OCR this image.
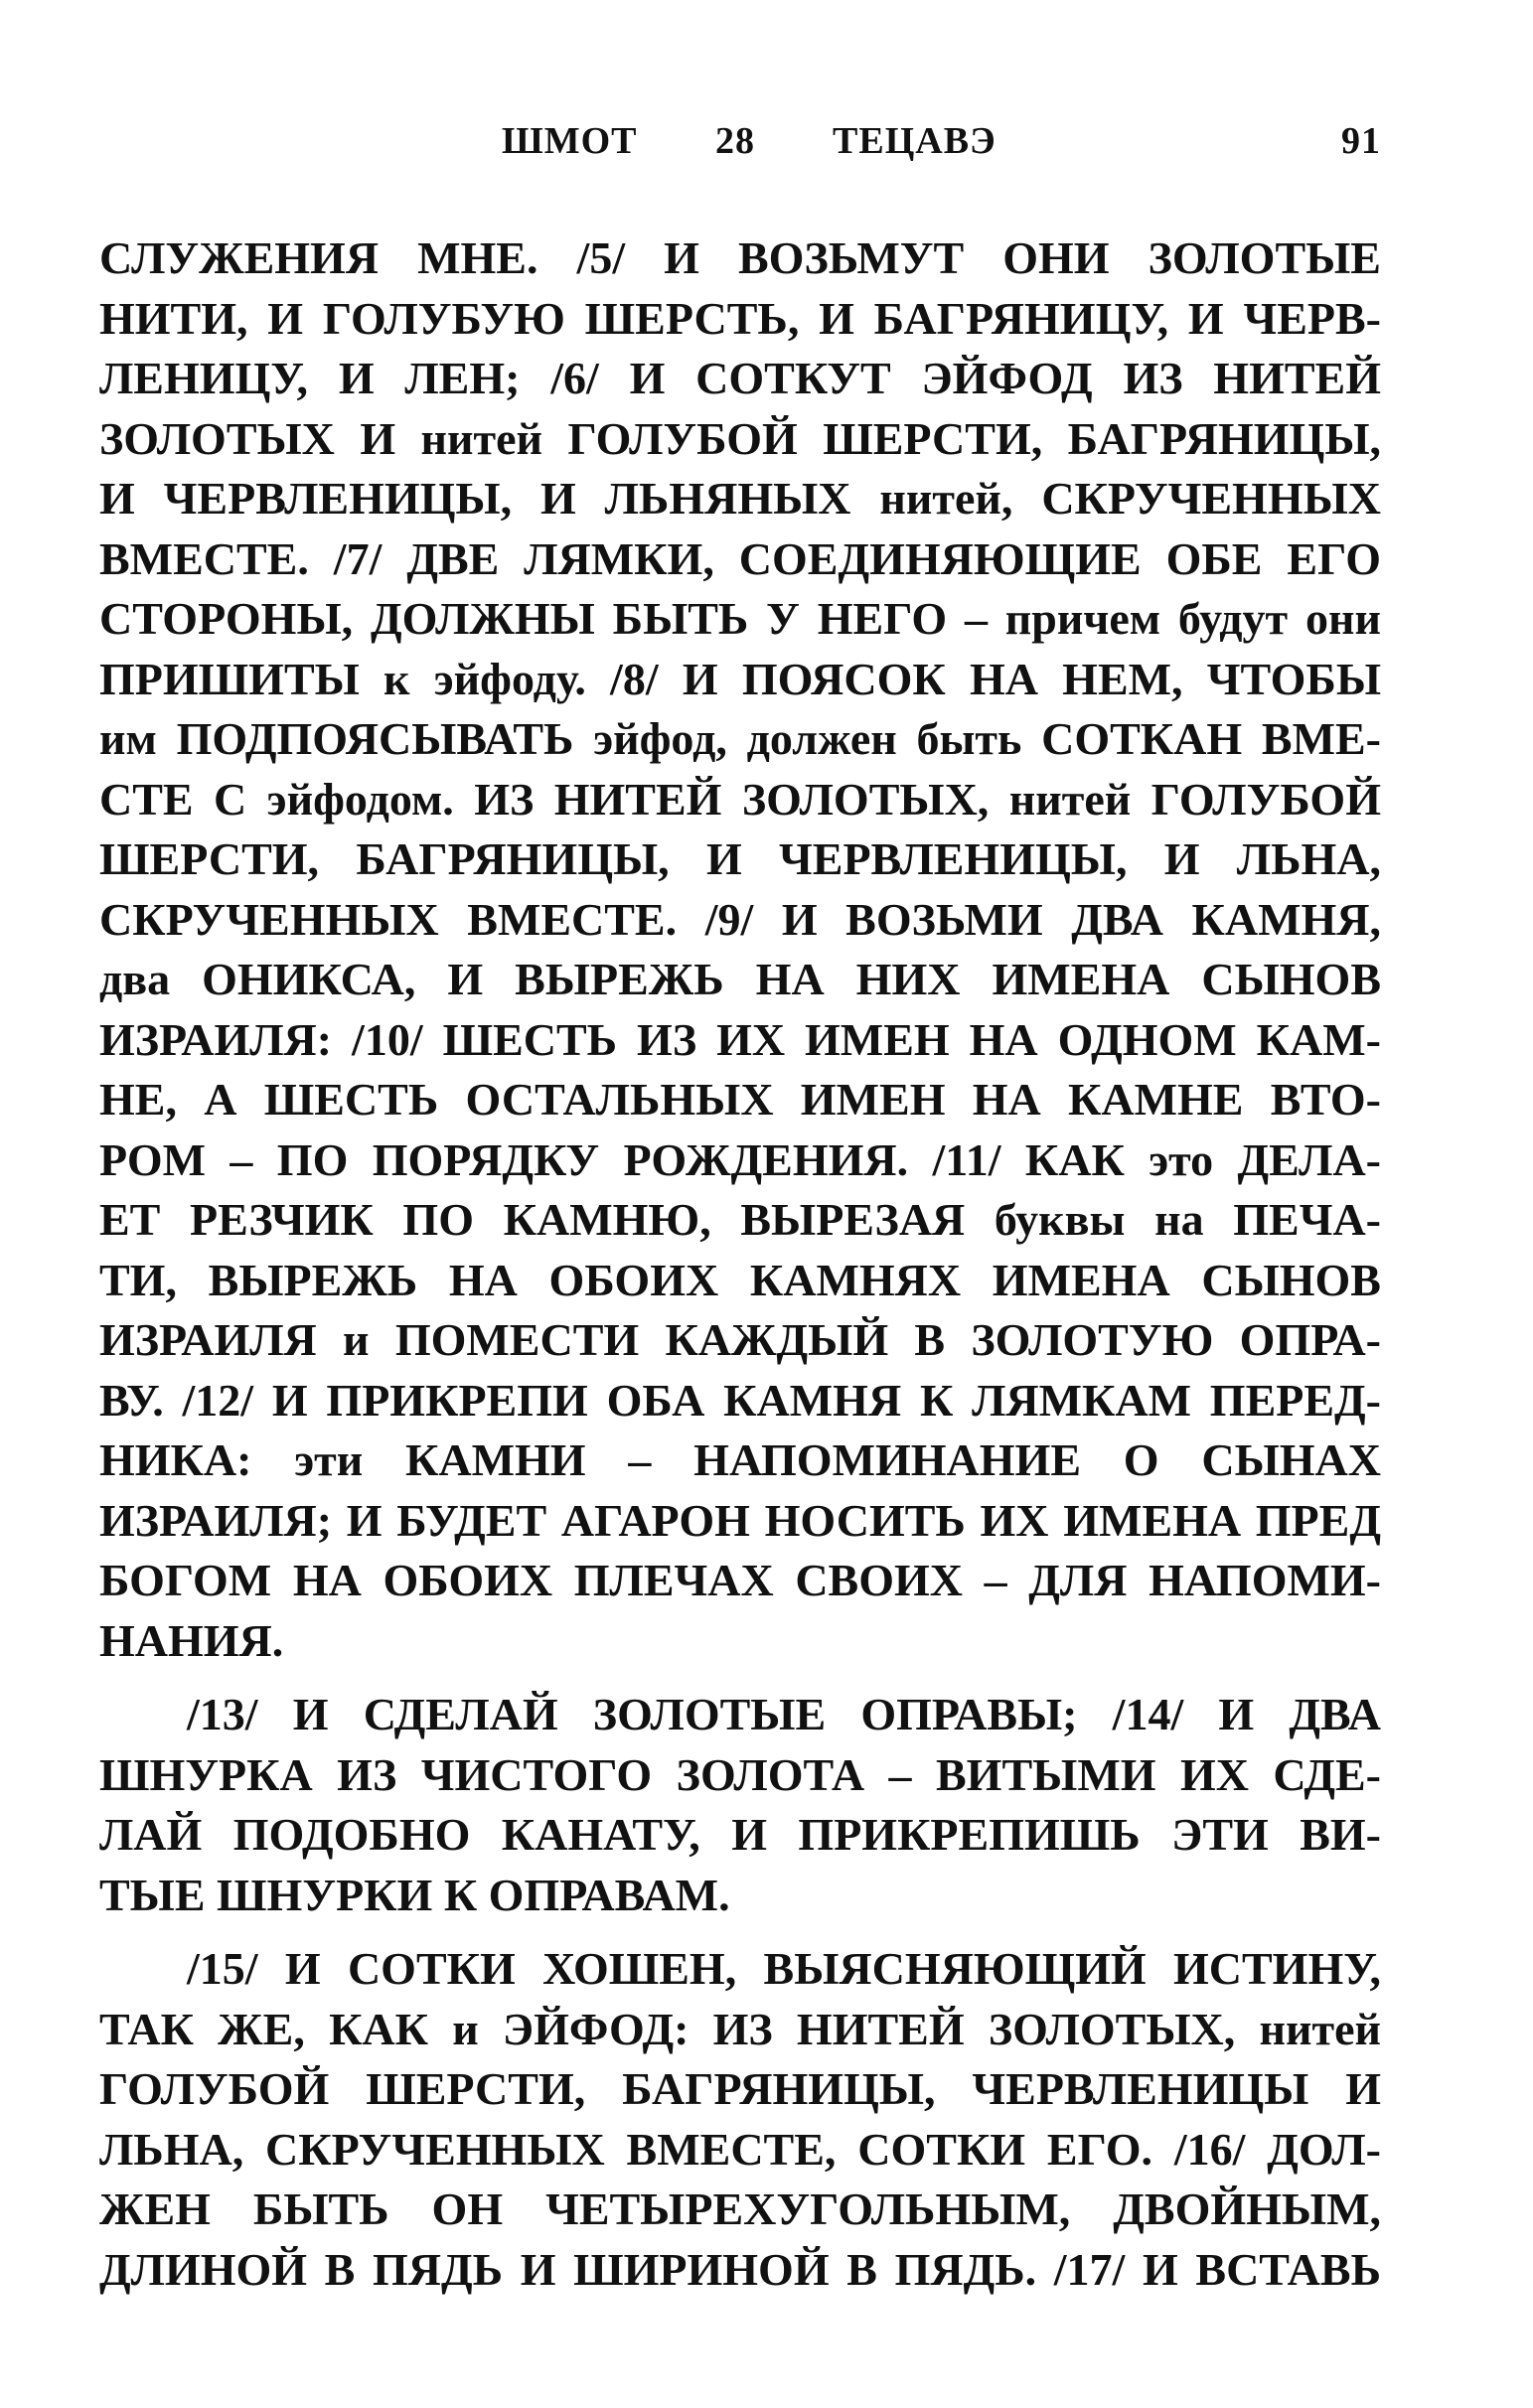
ШМОТ 28 ТЕЦАВЭ	91
СЛУЖЕНИЯ МНЕ. /5/ И ВОЗЬМУТ ОНИ ЗОЛОТЫЕ
НИТИ, И ГОЛУБУЮ ШЕРСТЬ, И БАГРЯНИЦУ, И ЧЕРВ-
ЛЕНИЦУ, И ЛЕН; /6/ И СОТКУТ ЭЙФОД ИЗ НИТЕЙ
ЗОЛОТЫХ И нитей ГОЛУБОЙ ШЕРСТИ, БАГРЯНИЦЫ,
И ЧЕРВЛЕНИЦЫ, И ЛЬНЯНЫХ нитей, СКРУЧЕННЫХ
ВМЕСТЕ. /7/ ДВЕ ЛЯМКИ, СОЕДИНЯЮЩИЕ ОБЕ ЕГО
СТОРОНЫ, ДОЛЖНЫ БЫТЬ У НЕГО – причем будут они
ПРИШИТЫ к эйфоду. /8/ И ПОЯСОК НА НЕМ, ЧТОБЫ
им ПОДПОЯСЫВАТЬ эйфод, должен быть СОТКАН ВМЕ-
СТЕ С эйфодом. ИЗ НИТЕЙ ЗОЛОТЫХ, нитей ГОЛУБОЙ
ШЕРСТИ, БАГРЯНИЦЫ, И ЧЕРВЛЕНИЦЫ, И ЛЬНА,
СКРУЧЕННЫХ ВМЕСТЕ. /9/ И ВОЗЬМИ ДВА КАМНЯ,
два ОНИКСА, И ВЫРЕЖЬ НА НИХ ИМЕНА СЫНОВ
ИЗРАИЛЯ: /10/ ШЕСТЬ ИЗ ИХ ИМЕН НА ОДНОМ КАМ-
НЕ, А ШЕСТЬ ОСТАЛЬНЫХ ИМЕН НА КАМНЕ ВТО-
РОМ – ПО ПОРЯДКУ РОЖДЕНИЯ. /11/ КАК это ДЕЛА-
ЕТ РЕЗЧИК ПО КАМНЮ, ВЫРЕЗАЯ буквы на ПЕЧА-
ТИ, ВЫРЕЖЬ НА ОБОИХ КАМНЯХ ИМЕНА СЫНОВ
ИЗРАИЛЯ и ПОМЕСТИ КАЖДЫЙ В ЗОЛОТУЮ ОПРА-
ВУ. /12/ И ПРИКРЕПИ ОБА КАМНЯ К ЛЯМКАМ ПЕРЕД-
НИКА: эти КАМНИ – НАПОМИНАНИЕ О СЫНАХ
ИЗРАИЛЯ; И БУДЕТ АГАРОН НОСИТЬ ИХ ИМЕНА ПРЕД
БОГОМ НА ОБОИХ ПЛЕЧАХ СВОИХ – ДЛЯ НАПОМИ-
НАНИЯ.
/13/ И СДЕЛАЙ ЗОЛОТЫЕ ОПРАВЫ; /14/ И ДВА
ШНУРКА ИЗ ЧИСТОГО ЗОЛОТА – ВИТЫМИ ИХ СДЕ-
ЛАЙ ПОДОБНО КАНАТУ, И ПРИКРЕПИШЬ ЭТИ ВИ-
ТЫЕ ШНУРКИ К ОПРАВАМ.
/15/ И СОТКИ ХОШЕН, ВЫЯСНЯЮЩИЙ ИСТИНУ,
ТАК ЖЕ, КАК и ЭЙФОД: ИЗ НИТЕЙ ЗОЛОТЫХ, нитей
ГОЛУБОЙ ШЕРСТИ, БАГРЯНИЦЫ, ЧЕРВЛЕНИЦЫ И
ЛЬНА, СКРУЧЕННЫХ ВМЕСТЕ, СОТКИ ЕГО. /16/ ДОЛ-
ЖЕН БЫТЬ ОН ЧЕТЫРЕХУГОЛЬНЫМ, ДВОЙНЫМ,
ДЛИНОЙ В ПЯДЬ И ШИРИНОЙ В ПЯДЬ. /17/ И ВСТАВЬ
